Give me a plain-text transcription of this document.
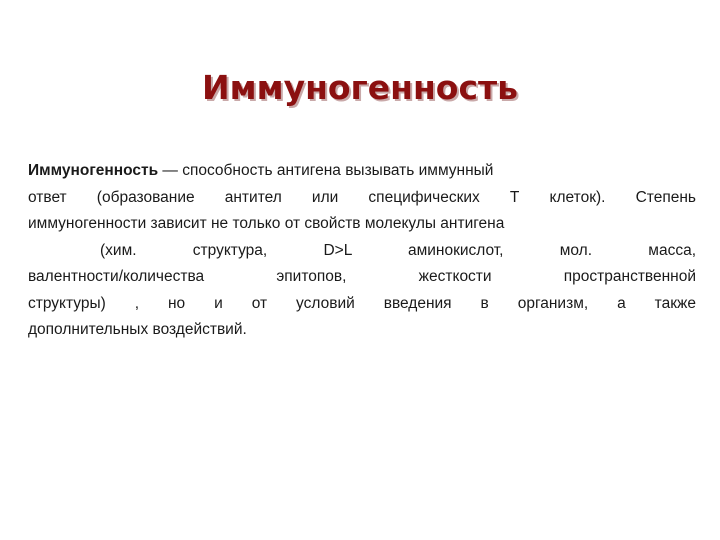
Иммуногенность
Иммуногенность — способность антигена вызывать иммунный
ответ (образование антител или специфических Т клеток). Степень
иммуногенности зависит не только от свойств молекулы антигена
(хим. структура, D>L аминокислот, мол. масса,
валентности/количества эпитопов, жесткости пространственной
структуры) , но и от условий введения в организм, а также
дополнительных воздействий.
